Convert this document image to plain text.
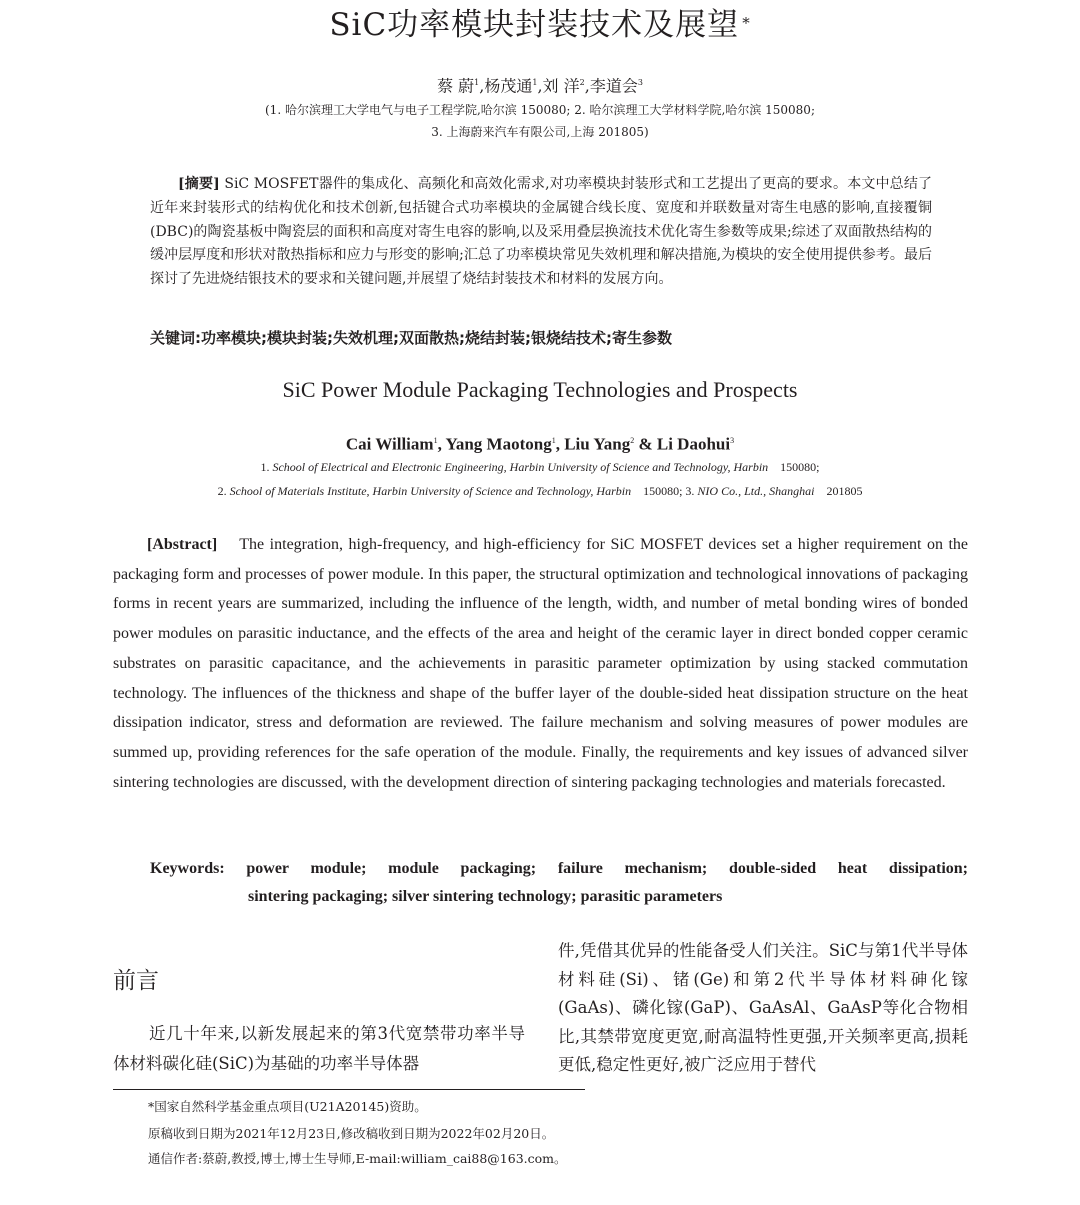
SiC功率模块封装技术及展望 *
蔡 蔚$^1$,杨茂通$^1$,刘 洋$^2$,李道会$^3$
(1. 哈尔滨理工大学电气与电子工程学院,哈尔滨 150080; 2. 哈尔滨理工大学材料学院,哈尔滨 150080;
3. 上海蔚来汽车有限公司,上海 201805)
[摘要] SiC MOSFET器件的集成化、高频化和高效化需求,对功率模块封装形式和工艺提出了更高的要求。本文中总结了近年来封装形式的结构优化和技术创新,包括键合式功率模块的金属键合线长度、宽度和并联数量对寄生电感的影响,直接覆铜(DBC)的陶瓷基板中陶瓷层的面积和高度对寄生电容的影响,以及采用叠层换流技术优化寄生参数等成果;综述了双面散热结构的缓冲层厚度和形状对散热指标和应力与形变的影响;汇总了功率模块常见失效机理和解决措施,为模块的安全使用提供参考。最后探讨了先进烧结银技术的要求和关键问题,并展望了烧结封装技术和材料的发展方向。
关键词:功率模块;模块封装;失效机理;双面散热;烧结封装;银烧结技术;寄生参数
SiC Power Module Packaging Technologies and Prospects
Cai William$^1$, Yang Maotong$^1$, Liu Yang$^2$ & Li Daohui$^3$
1. School of Electrical and Electronic Engineering, Harbin University of Science and Technology, Harbin 150080;
2. School of Materials Institute, Harbin University of Science and Technology, Harbin 150080; 3. NIO Co., Ltd., Shanghai 201805
[Abstract] The integration, high-frequency, and high-efficiency for SiC MOSFET devices set a higher requirement on the packaging form and processes of power module. In this paper, the structural optimization and technological innovations of packaging forms in recent years are summarized, including the influence of the length, width, and number of metal bonding wires of bonded power modules on parasitic inductance, and the effects of the area and height of the ceramic layer in direct bonded copper ceramic substrates on parasitic capacitance, and the achievements in parasitic parameter optimization by using stacked commutation technology. The influences of the thickness and shape of the buffer layer of the double-sided heat dissipation structure on the heat dissipation indicator, stress and deformation are reviewed. The failure mechanism and solving measures of power modules are summed up, providing references for the safe operation of the module. Finally, the requirements and key issues of advanced silver sintering technologies are discussed, with the development direction of sintering packaging technologies and materials forecasted.
Keywords: power module; module packaging; failure mechanism; double-sided heat dissipation;
sintering packaging; silver sintering technology; parasitic parameters
前言
近几十年来,以新发展起来的第3代宽禁带功率半导体材料碳化硅(SiC)为基础的功率半导体器
件,凭借其优异的性能备受人们关注。SiC与第1代半导体材料硅(Si)、锗(Ge)和第2代半导体材料砷化镓(GaAs)、磷化镓(GaP)、GaAsAl、GaAsP等化合物相比,其禁带宽度更宽,耐高温特性更强,开关频率更高,损耗更低,稳定性更好,被广泛应用于替代
*国家自然科学基金重点项目(U21A20145)资助。
原稿收到日期为2021年12月23日,修改稿收到日期为2022年02月20日。
通信作者:蔡蔚,教授,博士,博士生导师,E-mail:william_cai88@163.com。
